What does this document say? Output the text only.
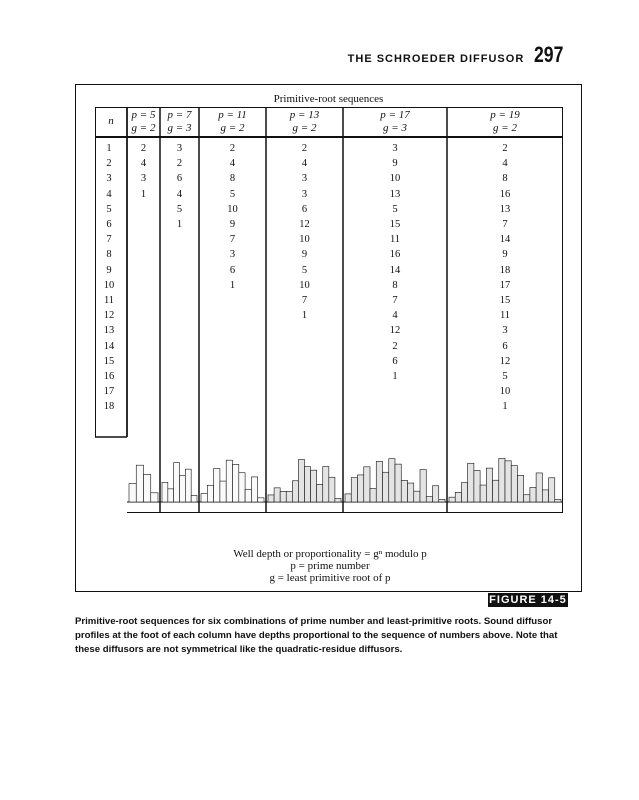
THE SCHROEDER DIFFUSOR 297
Primitive-root sequences
n	p = 5
g = 2
p = 7
g = 3
p = 11
g = 2
p = 13
g = 2
p = 17
g = 3
p = 19
g = 2
1
2
3
4
5
6
7
8
9
10
11
12
13
14
15
16
17
18
2
4
3
1
3
2
6
4
5
1
2
4
8
5
10
9
7
3
6
1
2
4
3
3
6
12
10
9
5
10
7
1
3
9
10
13
5
15
11
16
14
8
7
4
12
2
6
1
2
4
8
16
13
7
14
9
18
17
15
11
3
6
12
5
10
1
Well depth or proportionality = gⁿ modulo p
p = prime number
g = least primitive root of p
FIGURE 14-5
Primitive-root sequences for six combinations of prime number and least-primitive roots. Sound diffusor profiles at the foot of each column have depths proportional to the sequence of numbers above. Note that these diffusors are not symmetrical like the quadratic-residue diffusors.
